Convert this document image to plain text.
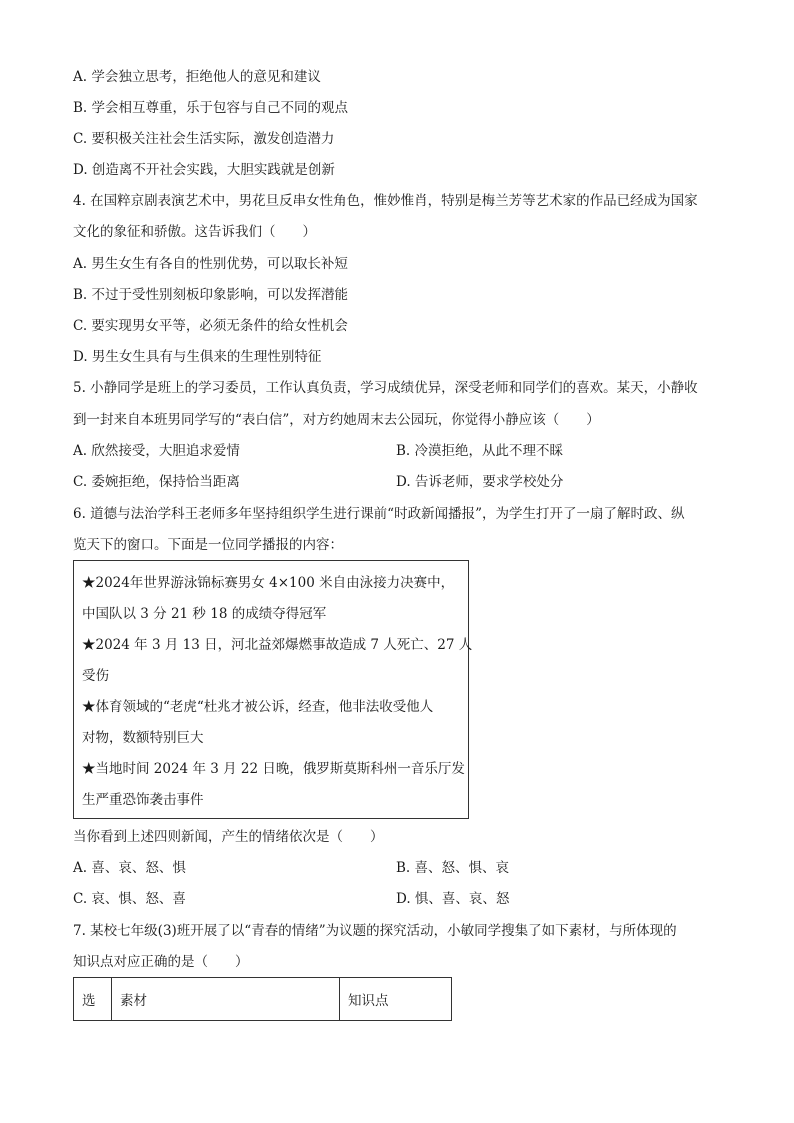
A. 学会独立思考，拒绝他人的意见和建议
B. 学会相互尊重，乐于包容与自己不同的观点
C. 要积极关注社会生活实际，激发创造潜力
D. 创造离不开社会实践，大胆实践就是创新
4. 在国粹京剧表演艺术中，男花旦反串女性角色，惟妙惟肖，特别是梅兰芳等艺术家的作品已经成为国家
文化的象征和骄傲。这告诉我们（　　）
A. 男生女生有各自的性别优势，可以取长补短
B. 不过于受性别刻板印象影响，可以发挥潜能
C. 要实现男女平等，必须无条件的给女性机会
D. 男生女生具有与生俱来的生理性别特征
5. 小静同学是班上的学习委员，工作认真负责，学习成绩优异，深受老师和同学们的喜欢。某天，小静收
到一封来自本班男同学写的“表白信”，对方约她周末去公园玩，你觉得小静应该（　　）
A. 欣然接受，大胆追求爱情	B. 冷漠拒绝，从此不理不睬
C. 委婉拒绝，保持恰当距离	D. 告诉老师，要求学校处分
6. 道德与法治学科王老师多年坚持组织学生进行课前“时政新闻播报”，为学生打开了一扇了解时政、纵
览天下的窗口。下面是一位同学播报的内容：
★2024年世界游泳锦标赛男女 4×100 米自由泳接力决赛中，
中国队以 3 分 21 秒 18 的成绩夺得冠军
★2024 年 3 月 13 日，河北益郊爆燃事故造成 7 人死亡、27 人
受伤
★体育领域的“老虎“杜兆才被公诉，经查，他非法收受他人
对物，数额特别巨大
★当地时间 2024 年 3 月 22 日晚，俄罗斯莫斯科州一音乐厅发
生严重恐饰袭击事件
当你看到上述四则新闻，产生的情绪依次是（　　）
A. 喜、哀、怒、惧	B. 喜、怒、惧、哀
C. 哀、惧、怒、喜	D. 惧、喜、哀、怒
7. 某校七年级(3)班开展了以“青春的情绪”为议题的探究活动，小敏同学搜集了如下素材，与所体现的
知识点对应正确的是（　　）
选	素材	知识点
